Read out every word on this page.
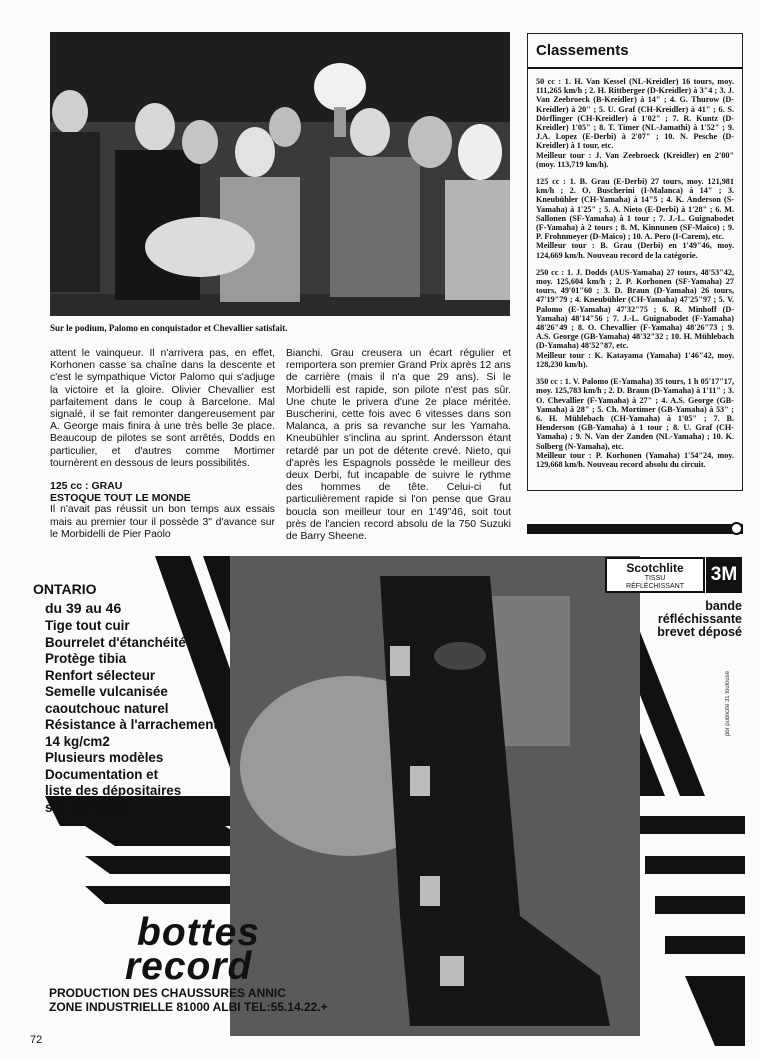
Sur le podium, Palomo en conquistador et Chevallier satisfait.

attent le vainqueur. Il n'arrivera pas, en effet, Korhonen casse sa chaîne dans la descente et c'est le sympathique Victor Palomo qui s'adjuge la victoire et la gloire. Olivier Chevallier est parfaitement dans le coup à Barcelone. Mal signalé, il se fait remonter dangereusement par A. George mais finira à une très belle 3e place. Beaucoup de pilotes se sont arrêtés, Dodds en particulier, et d'autres comme Mortimer tournèrent en dessous de leurs possibilités.

125 cc : GRAU
ESTOQUE TOUT LE MONDE

Il n'avait pas réussit un bon temps aux essais mais au premier tour il possède 3" d'avance sur le Morbidelli de Pier Paolo

Bianchi. Grau creusera un écart régulier et remportera son premier Grand Prix après 12 ans de carrière (mais il n'a que 29 ans). Si le Morbidelli est rapide, son pilote n'est pas sûr. Une chute le privera d'une 2e place méritée. Buscherini, cette fois avec 6 vitesses dans son Malanca, a pris sa revanche sur les Yamaha. Kneubühler s'inclina au sprint. Andersson étant retardé par un pot de détente crevé. Nieto, qui d'après les Espagnols possède le meilleur des deux Derbi, fut incapable de suivre le rythme des hommes de tête. Celui-ci fut particulièrement rapide si l'on pense que Grau boucla son meilleur tour en 1'49"46, soit tout près de l'ancien record absolu de la 750 Suzuki de Barry Sheene.

Classements

50 cc : 1. H. Van Kessel (NL-Kreidler) 16 tours, moy. 111,265 km/h ; 2. H. Rittberger (D-Kreidler) à 3"4 ; 3. J. Van Zeebroeck (B-Kreidler) à 14" ; 4. G. Thurow (D-Kreidler) à 20" ; 5. U. Graf (CH-Kreidler) à 41" ; 6. S. Dörflinger (CH-Kreidler) à 1'02" ; 7. R. Kuntz (D-Kreidler) 1'05" ; 8. T. Timer (NL-Jamathi) à 1'52" ; 9. J.A. Lopez (E-Derbi) à 2'07" ; 10. N. Pesche (D-Kreidler) à 1 tour, etc.
Meilleur tour : J. Van Zeebroeck (Kreidler) en 2'00" (moy. 113,719 km/h).

125 cc : 1. B. Grau (E-Derbi) 27 tours, moy. 121,981 km/h ; 2. O. Buscherini (I-Malanca) à 14" ; 3. Kneubühler (CH-Yamaha) à 14"5 ; 4. K. Anderson (S-Yamaha) à 1'25" ; 5. A. Nieto (E-Derbi) à 1'28" ; 6. M. Sallonen (SF-Yamaha) à 1 tour ; 7. J.-L. Guignabodet (F-Yamaha) à 2 tours ; 8. M. Kinnunen (SF-Maico) ; 9. P. Frohnmeyer (D-Maico) ; 10. A. Pero (I-Carem), etc.
Meilleur tour : B. Grau (Derbi) en 1'49"46, moy. 124,669 km/h. Nouveau record de la catégorie.

250 cc : 1. J. Dodds (AUS-Yamaha) 27 tours, 48'53"42, moy. 125,604 km/h ; 2. P. Korhonen (SF-Yamaha) 27 tours, 49'01"60 ; 3. D. Braun (D-Yamaha) 26 tours, 47'19"79 ; 4. Kneubühler (CH-Yamaha) 47'25"97 ; 5. V. Palomo (E-Yamaha) 47'32"75 ; 6. R. Minhoff (D-Yamaha) 48'14"56 ; 7. J.-L. Guignabodet (F-Yamaha) 48'26"49 ; 8. O. Chevallier (F-Yamaha) 48'26"73 ; 9. A.S. George (GB-Yamaha) 48'32"32 ; 10. H. Mühlebach (D-Yamaha) 48'52"87, etc.
Meilleur tour : K. Katayama (Yamaha) 1'46"42, moy. 128,230 km/h).

350 cc : 1. V. Palomo (E-Yamaha) 35 tours, 1 h 05'17"17, moy. 125,783 km/h ; 2. D. Braun (D-Yamaha) à 1'11" ; 3. O. Chevallier (F-Yamaha) à 27" ; 4. A.S. George (GB-Yamaha) à 28" ; 5. Ch. Mortimer (GB-Yamaha) à 53" ; 6. H. Mühlebach (CH-Yamaha) à 1'05" ; 7. B. Henderson (GB-Yamaha) à 1 tour ; 8. U. Graf (CH-Yamaha) ; 9. N. Van der Zanden (NL-Yamaha) ; 10. K. Solberg (N-Yamaha), etc.
Meilleur tour : P. Korhonen (Yamaha) 1'54"24, moy. 129,668 km/h. Nouveau record absolu du circuit.

ONTARIO
du 39 au 46
Tige tout cuir
Bourrelet d'étanchéité
Protège tibia
Renfort sélecteur
Semelle vulcanisée
caoutchouc naturel
Résistance à l'arrachement :
14 kg/cm2
Plusieurs modèles
Documentation et
liste des dépositaires
sur demande
Scotchlite
TISSU
RÉFLÉCHISSANT
3M
bande réfléchissante
brevet déposé
pbr publicité 31 toulouse
bottes
record
PRODUCTION DES CHAUSSURES ANNIC
ZONE INDUSTRIELLE 81000 ALBI TEL:55.14.22.+
72
